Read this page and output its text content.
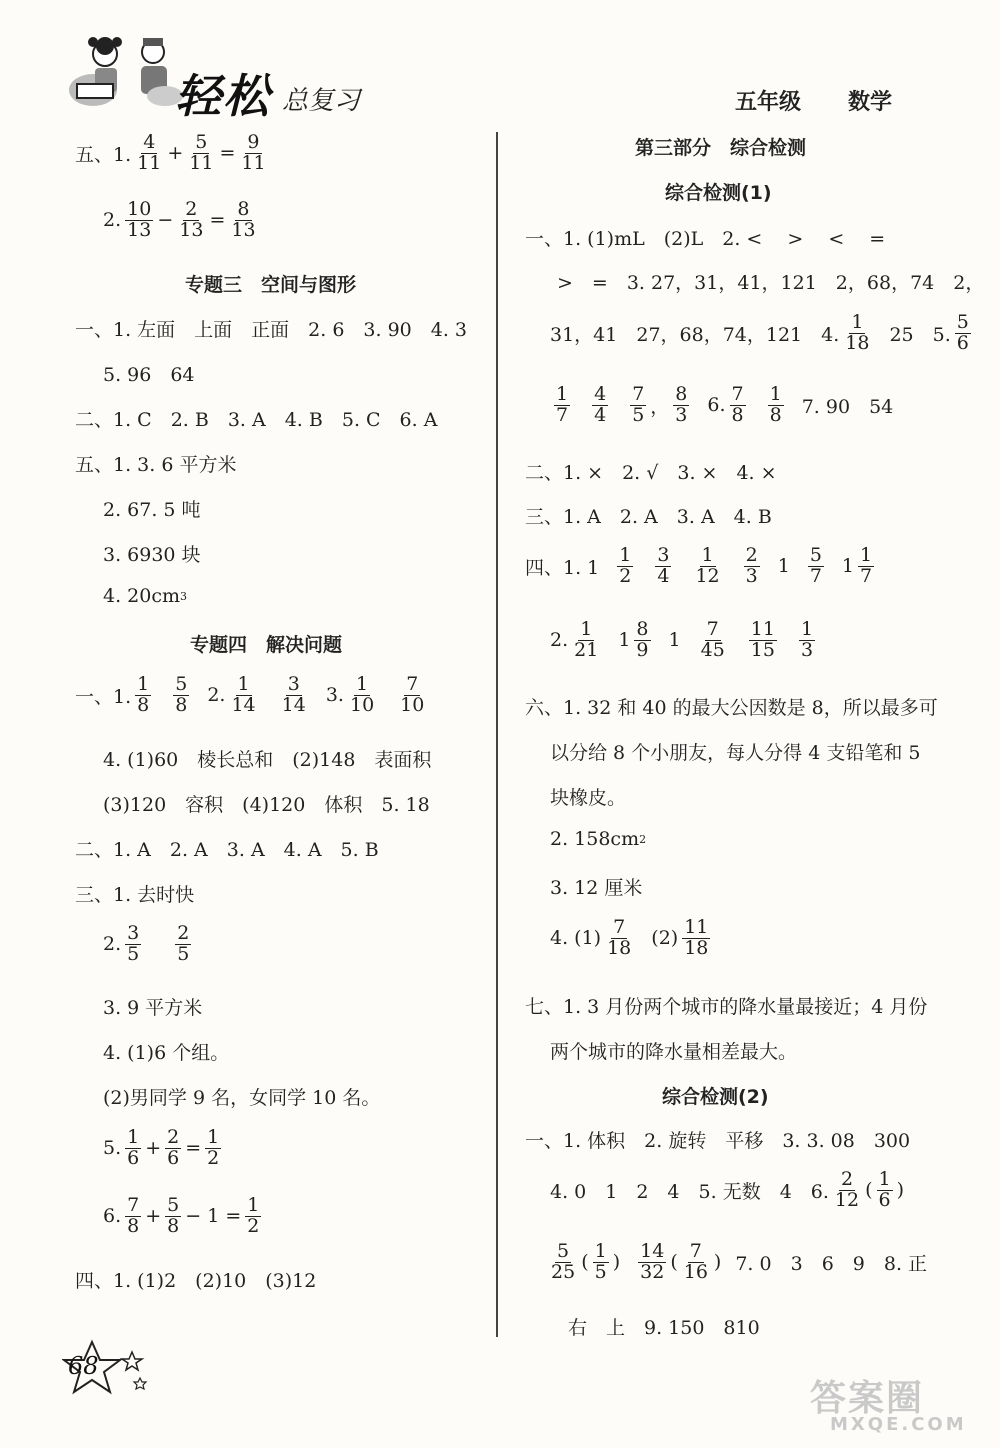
轻松 总复习	五年级 数学
五、1. $\frac{4}{11} + \frac{5}{11} = \frac{9}{11}$
2. $\frac{10}{13} - \frac{2}{13} = \frac{8}{13}$
专题三　空间与图形
一、1. 左面　上面　正面　2. 6　3. 90　4. 3
5. 96　64
二、1. C　2. B　3. A　4. B　5. C　6. A
五、1. 3. 6 平方米
2. 67. 5 吨
3. 6930 块
4. 20cm 3
专题四　解决问题
一、1. $\frac{1}{8} \frac{5}{8} 2$. $\frac{1}{14} \frac{3}{14} 3$. $\frac{1}{10} \frac{7}{10}$
4. (1)60　棱长总和　(2)148　表面积
(3)120　容积　(4)120　体积　5. 18
二、1. A　2. A　3. A　4. A　5. B
三、1. 去时快
2. $\frac{3}{5} \frac{2}{5}$
3. 9 平方米
4. (1)6 个组。
(2)男同学 9 名，女同学 10 名。
5. $\frac{1}{6} + \frac{2}{6} = \frac{1}{2}$
6. $\frac{7}{8} + \frac{5}{8} - 1 = \frac{1}{2}$
四、1. (1)2　(2)10　(3)12
第三部分　综合检测
综合检测(1)
一、1. (1)mL　(2)L　2. <　 >　 <　 =
>　=　3. 27，31，41，121　2，68，74　2，
31，41　27，68，74，121　4. $\frac{1}{18} 25$　5. $\frac{5}{6}$
$\frac{1}{7} \frac{4}{4} \frac{7}{5}$ ， $\frac{8}{3} 6$. $\frac{7}{8} \frac{1}{8} 7$. 90　54
二、1. ×　2. √　3. ×　4. ×
三、1. A　2. A　3. A　4. B
四、1. $1 \frac{1}{2} \frac{3}{4} \frac{1}{12} \frac{2}{3} 1 \frac{5}{7} 1 \frac{1}{7}$
2. $\frac{1}{21} 1 \frac{8}{9} 1 \frac{7}{45} \frac{11}{15} \frac{1}{3}$
六、1. 32 和 40 的最大公因数是 8，所以最多可
以分给 8 个小朋友，每人分得 4 支铅笔和 5
块橡皮。
2. 158cm 2
3. 12 厘米
4. $(1) \frac{7}{18} (2) \frac{11}{18}$
七、1. 3 月份两个城市的降水量最接近；4 月份
两个城市的降水量相差最大。
综合检测(2)
一、1. 体积　2. 旋转　平移　3. 3. 08　300
4. 0　1　2　4　5. 无数　4　6. $\frac{2}{12}$ ( $\frac{1}{6}$ )
$\frac{5}{25}$ ( $\frac{1}{5}$ ) $\frac{14}{32}$ ( $\frac{7}{16}$ ) 7. 0　3　6　9　8. 正
右　上　9. 150　810
68
答案圈
MXQE.COM
